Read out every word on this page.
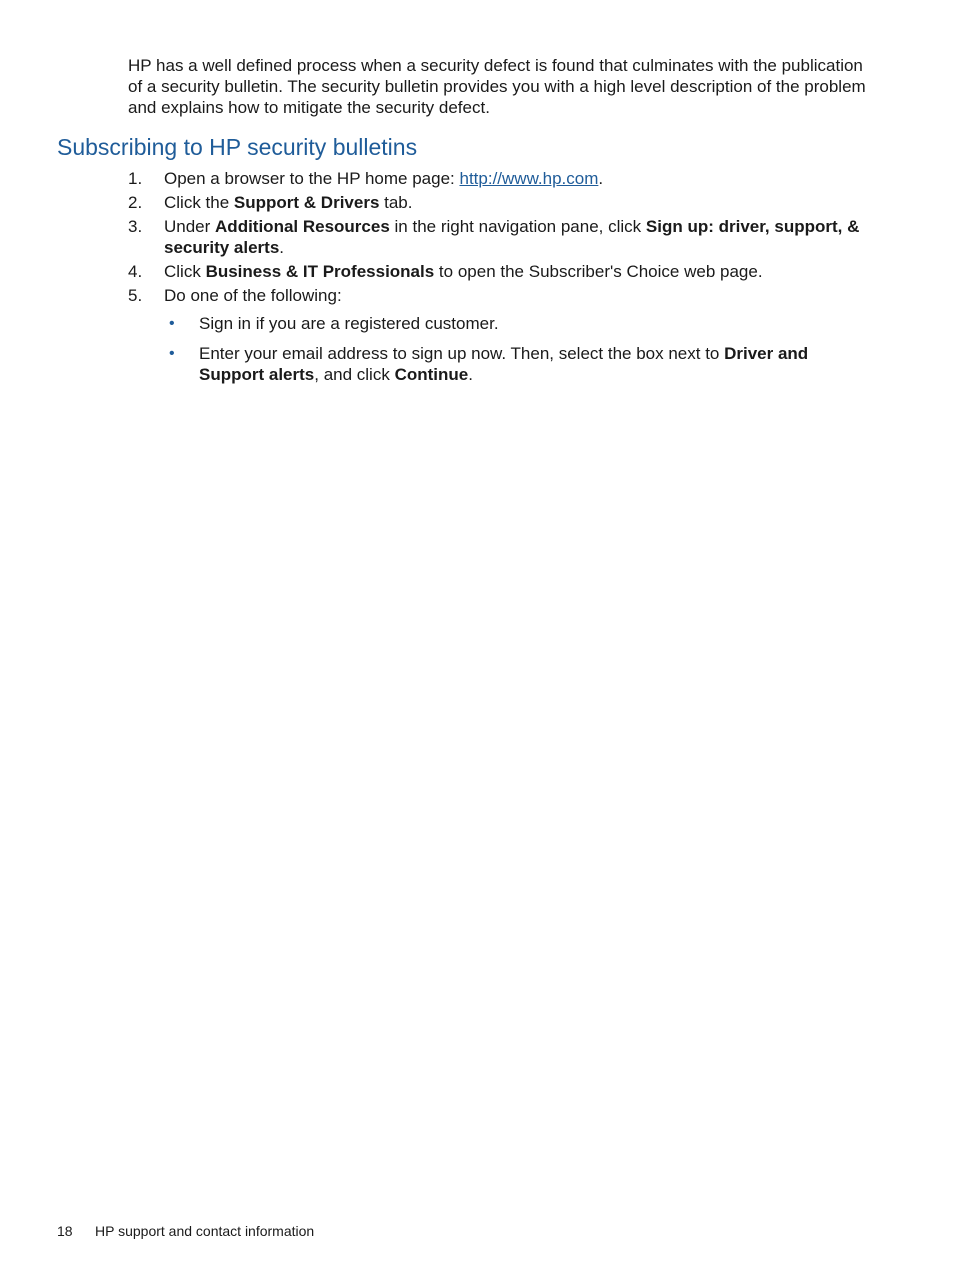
HP has a well defined process when a security defect is found that culminates with the publication of a security bulletin. The security bulletin provides you with a high level description of the problem and explains how to mitigate the security defect.

Subscribing to HP security bulletins
1. Open a browser to the HP home page: http://www.hp.com.
2. Click the Support & Drivers tab.
3. Under Additional Resources in the right navigation pane, click Sign up: driver, support, & security alerts.
4. Click Business & IT Professionals to open the Subscriber's Choice web page.
5. Do one of the following:
• Sign in if you are a registered customer.
• Enter your email address to sign up now. Then, select the box next to Driver and Support alerts, and click Continue.
18 HP support and contact information
